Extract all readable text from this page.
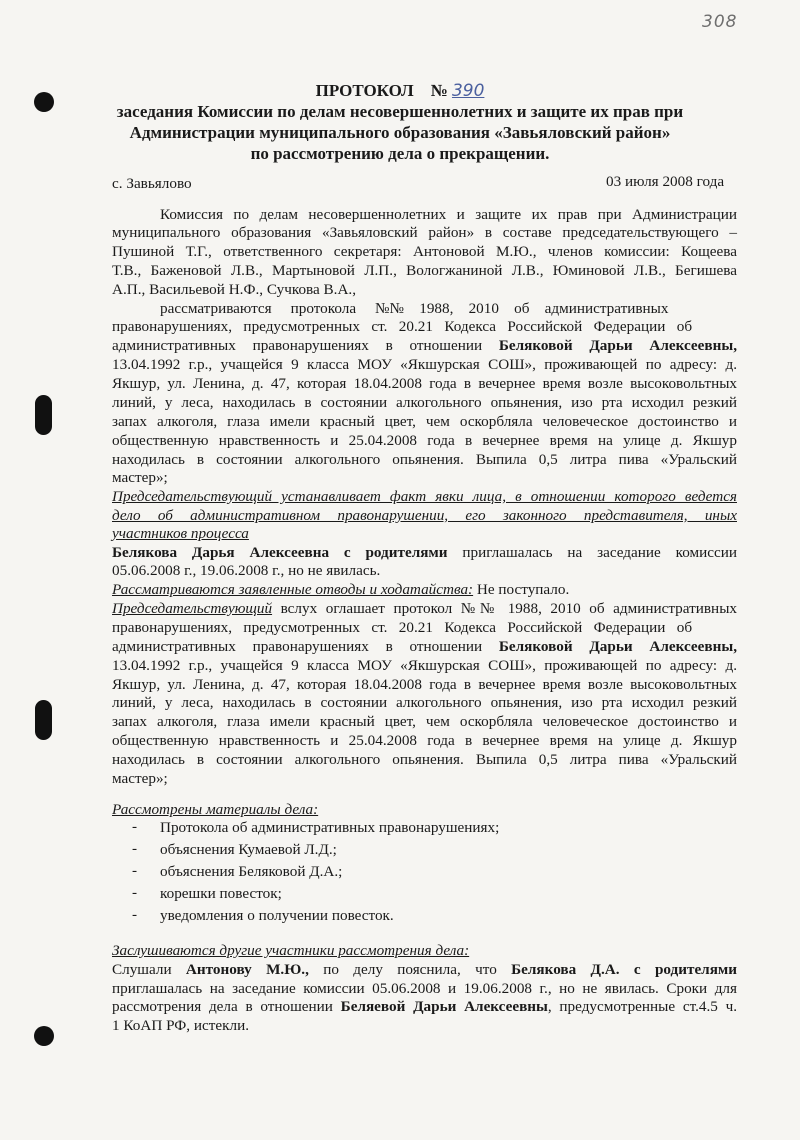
308
ПРОТОКОЛ № 390
заседания Комиссии по делам несовершеннолетних и защите их прав при
Администрации муниципального образования «Завьяловский район»
по рассмотрению дела о прекращении.
с. Завьялово	03 июля 2008 года
Комиссия по делам несовершеннолетних и защите их прав при Администрации
муниципального образования «Завьяловский район» в составе председательствующего –
Пушиной Т.Г., ответственного секретаря: Антоновой М.Ю., членов комиссии: Кощеева
Т.В., Баженовой Л.В., Мартыновой Л.П., Вологжаниной Л.В., Юминовой Л.В., Бегишева
А.П., Васильевой Н.Ф., Сучкова В.А.,
рассматриваются     протокола     №№    1988,    2010    об    административных
правонарушениях,   предусмотренных   ст.   20.21   Кодекса   Российской   Федерации   об
административных правонарушениях в отношении Беляковой Дарьи Алексеевны,
13.04.1992 г.р., учащейся 9 класса МОУ «Якшурская СОШ», проживающей по адресу: д.
Якшур, ул. Ленина, д. 47, которая 18.04.2008 года в вечернее время возле высоковольтных
линий, у леса, находилась в состоянии алкогольного опьянения, изо рта исходил резкий
запах алкоголя, глаза имели красный цвет, чем оскорбляла человеческое достоинство и
общественную нравственность и 25.04.2008 года в вечернее время на улице д. Якшур
находилась в состоянии алкогольного опьянения. Выпила 0,5 литра пива «Уральский
мастер»;
Председательствующий устанавливает факт явки лица, в отношении которого ведется
дело об административном правонарушении, его законного представителя, иных
участников процесса
Белякова Дарья Алексеевна с родителями приглашалась на заседание комиссии
05.06.2008 г., 19.06.2008 г., но не явилась.
Рассматриваются заявленные отводы и ходатайства: Не поступало.
Председательствующий вслух оглашает протокол №№ 1988, 2010 об административных
правонарушениях,   предусмотренных   ст.   20.21   Кодекса   Российской   Федерации   об
административных правонарушениях в отношении Беляковой Дарьи Алексеевны,
13.04.1992 г.р., учащейся 9 класса МОУ «Якшурская СОШ», проживающей по адресу: д.
Якшур, ул. Ленина, д. 47, которая 18.04.2008 года в вечернее время возле высоковольтных
линий, у леса, находилась в состоянии алкогольного опьянения, изо рта исходил резкий
запах алкоголя, глаза имели красный цвет, чем оскорбляла человеческое достоинство и
общественную нравственность и 25.04.2008 года в вечернее время на улице д. Якшур
находилась в состоянии алкогольного опьянения. Выпила 0,5 литра пива «Уральский
мастер»;
Рассмотрены материалы дела:
- Протокола об административных правонарушениях;
- объяснения Кумаевой Л.Д.;
- объяснения Беляковой Д.А.;
- корешки повесток;
- уведомления о получении повесток.
Заслушиваются другие участники рассмотрения дела:
Слушали Антонову М.Ю., по делу пояснила, что Белякова Д.А. с родителями
приглашалась на заседание комиссии 05.06.2008 и 19.06.2008 г., но не явилась. Сроки для
рассмотрения дела в отношении Беляевой Дарьи Алексеевны, предусмотренные ст.4.5 ч.
1 КоАП РФ, истекли.
